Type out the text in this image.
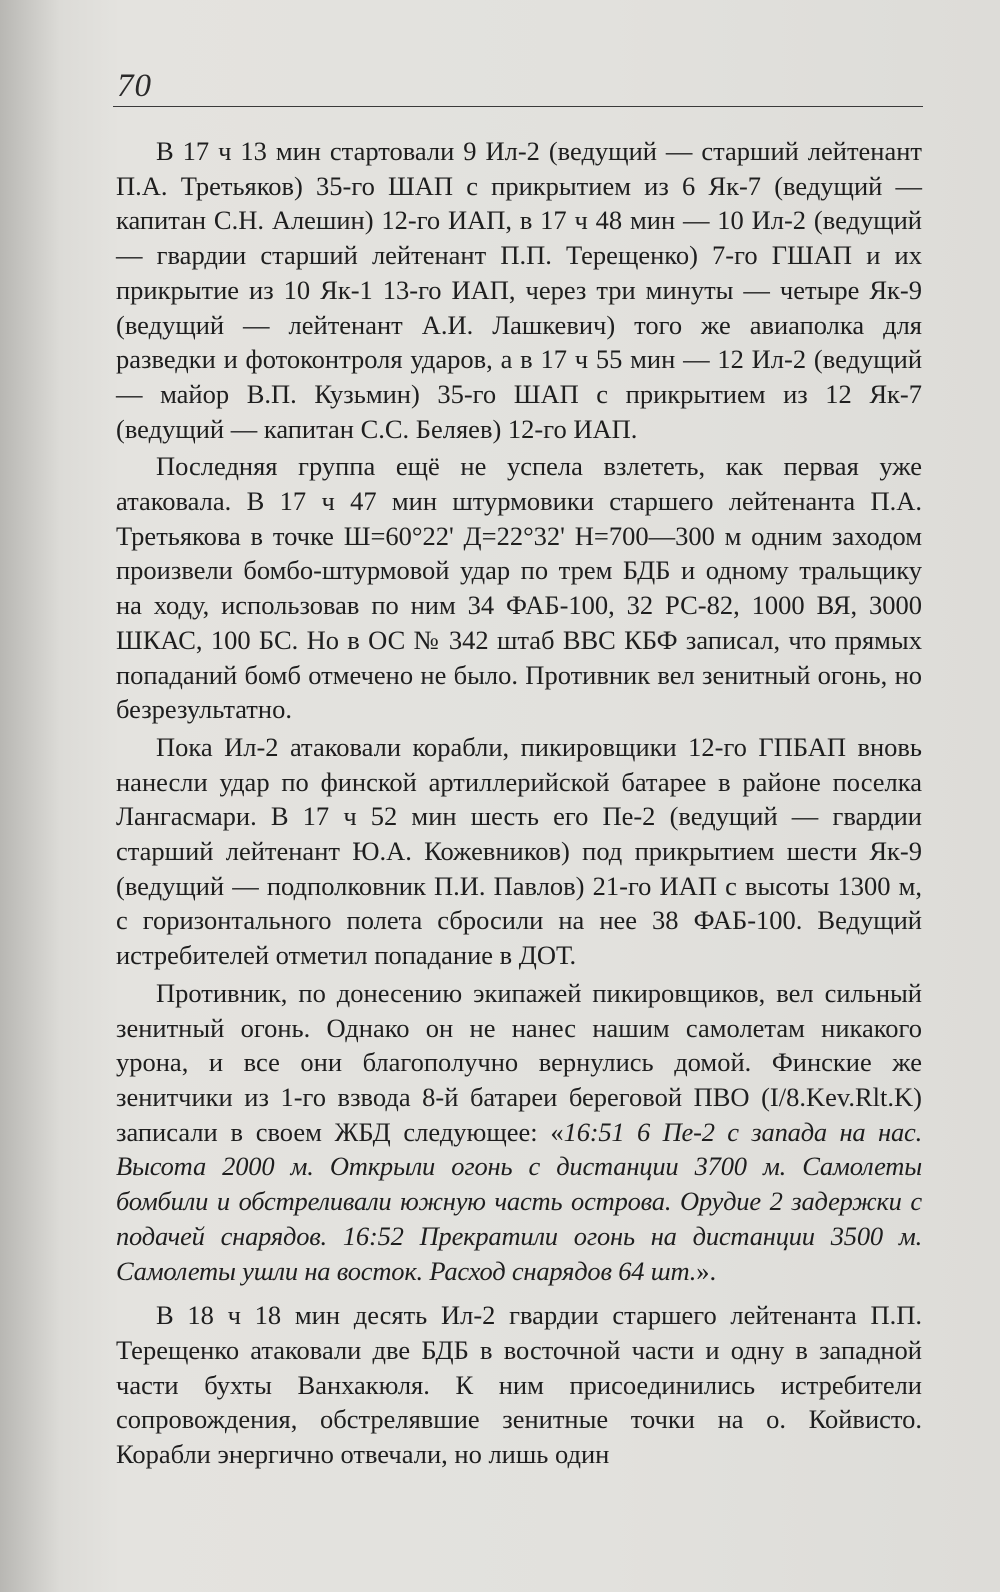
70

В 17 ч 13 мин стартовали 9 Ил-2 (ведущий — старший лейтенант П.А. Третьяков) 35-го ШАП с прикрытием из 6 Як-7 (ведущий — капитан С.Н. Алешин) 12-го ИАП, в 17 ч 48 мин — 10 Ил-2 (ведущий — гвардии старший лейтенант П.П. Терещенко) 7-го ГШАП и их прикрытие из 10 Як-1 13-го ИАП, через три минуты — четыре Як-9 (ведущий — лейтенант А.И. Лашкевич) того же авиаполка для разведки и фотоконтроля ударов, а в 17 ч 55 мин — 12 Ил-2 (ведущий — майор В.П. Кузьмин) 35-го ШАП с прикрытием из 12 Як-7 (ведущий — капитан С.С. Беляев) 12-го ИАП.

Последняя группа ещё не успела взлететь, как первая уже атаковала. В 17 ч 47 мин штурмовики старшего лейтенанта П.А. Третьякова в точке Ш=60°22' Д=22°32' Н=700—300 м одним заходом произвели бомбо-штурмовой удар по трем БДБ и одному тральщику на ходу, использовав по ним 34 ФАБ-100, 32 РС-82, 1000 ВЯ, 3000 ШКАС, 100 БС. Но в ОС № 342 штаб ВВС КБФ записал, что прямых попаданий бомб отмечено не было. Противник вел зенитный огонь, но безрезультатно.

Пока Ил-2 атаковали корабли, пикировщики 12-го ГПБАП вновь нанесли удар по финской артиллерийской батарее в районе поселка Лангасмари. В 17 ч 52 мин шесть его Пе-2 (ведущий — гвардии старший лейтенант Ю.А. Кожевников) под прикрытием шести Як-9 (ведущий — подполковник П.И. Павлов) 21-го ИАП с высоты 1300 м, с горизонтального полета сбросили на нее 38 ФАБ-100. Ведущий истребителей отметил попадание в ДОТ.

Противник, по донесению экипажей пикировщиков, вел сильный зенитный огонь. Однако он не нанес нашим самолетам никакого урона, и все они благополучно вернулись домой. Финские же зенитчики из 1-го взвода 8-й батареи береговой ПВО (I/8.Kev.Rlt.K) записали в своем ЖБД следующее: «16:51 6 Пе-2 с запада на нас. Высота 2000 м. Открыли огонь с дистанции 3700 м. Самолеты бомбили и обстреливали южную часть острова. Орудие 2 задержки с подачей снарядов. 16:52 Прекратили огонь на дистанции 3500 м. Самолеты ушли на восток. Расход снарядов 64 шт.».

В 18 ч 18 мин десять Ил-2 гвардии старшего лейтенанта П.П. Терещенко атаковали две БДБ в восточной части и одну в западной части бухты Ванхакюля. К ним присоединились истребители сопровождения, обстрелявшие зенитные точки на о. Койвисто. Корабли энергично отвечали, но лишь один
